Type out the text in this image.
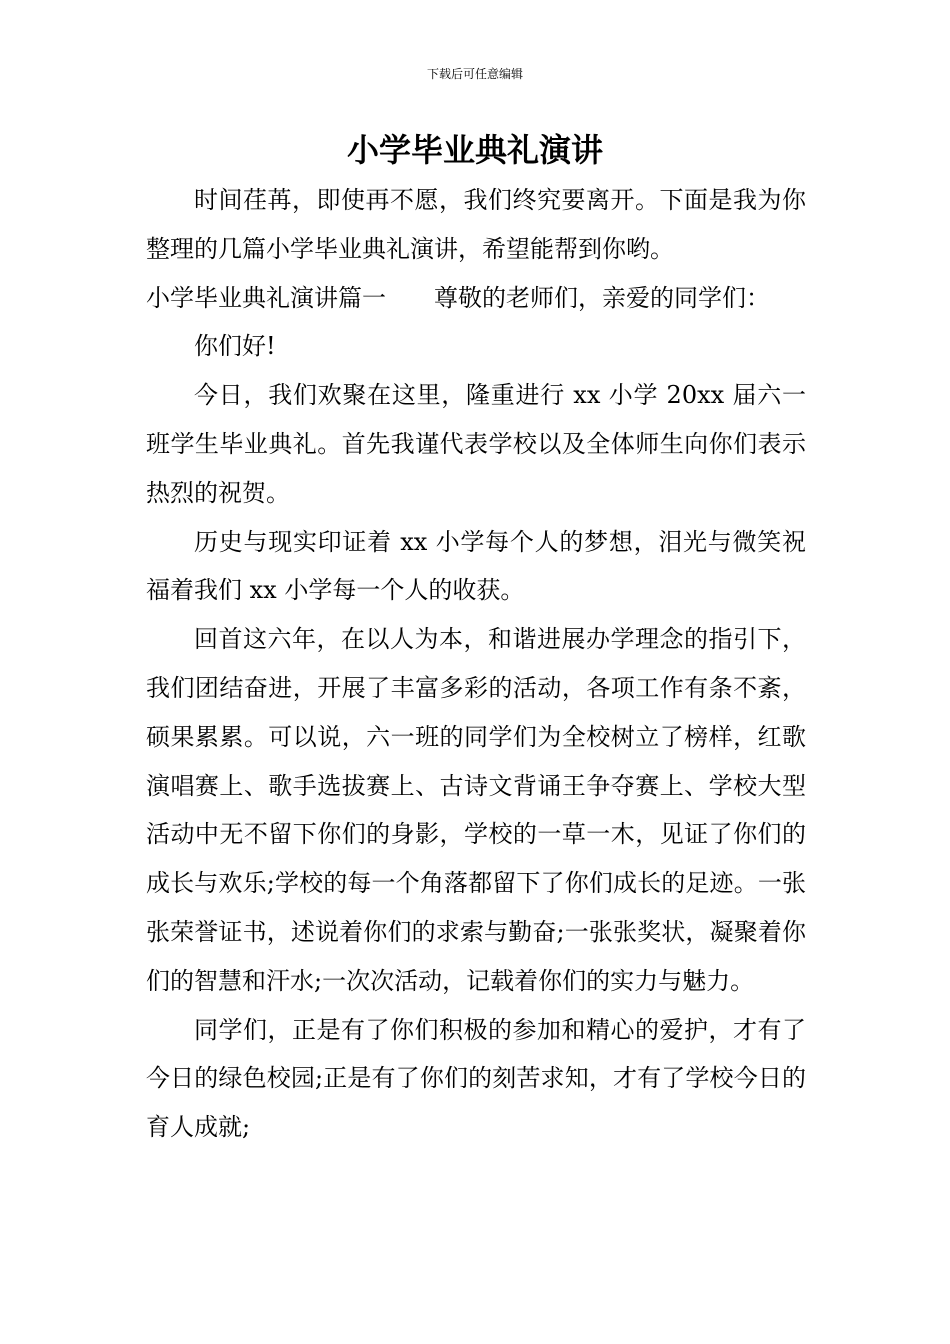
下载后可任意编辑
小学毕业典礼演讲

时间荏苒，即使再不愿，我们终究要离开。下面是我为你整理的几篇小学毕业典礼演讲，希望能帮到你哟。

小学毕业典礼演讲篇一 尊敬的老师们，亲爱的同学们：

你们好!

今日，我们欢聚在这里，隆重进行 xx 小学 20xx 届六一班学生毕业典礼。首先我谨代表学校以及全体师生向你们表示热烈的祝贺。

历史与现实印证着 xx 小学每个人的梦想，泪光与微笑祝福着我们 xx 小学每一个人的收获。

回首这六年，在以人为本，和谐进展办学理念的指引下，我们团结奋进，开展了丰富多彩的活动，各项工作有条不紊，硕果累累。可以说，六一班的同学们为全校树立了榜样，红歌演唱赛上、歌手选拔赛上、古诗文背诵王争夺赛上、学校大型活动中无不留下你们的身影，学校的一草一木，见证了你们的成长与欢乐;学校的每一个角落都留下了你们成长的足迹。一张张荣誉证书，述说着你们的求索与勤奋;一张张奖状，凝聚着你们的智慧和汗水;一次次活动，记载着你们的实力与魅力。

同学们，正是有了你们积极的参加和精心的爱护，才有了今日的绿色校园;正是有了你们的刻苦求知，才有了学校今日的育人成就;
